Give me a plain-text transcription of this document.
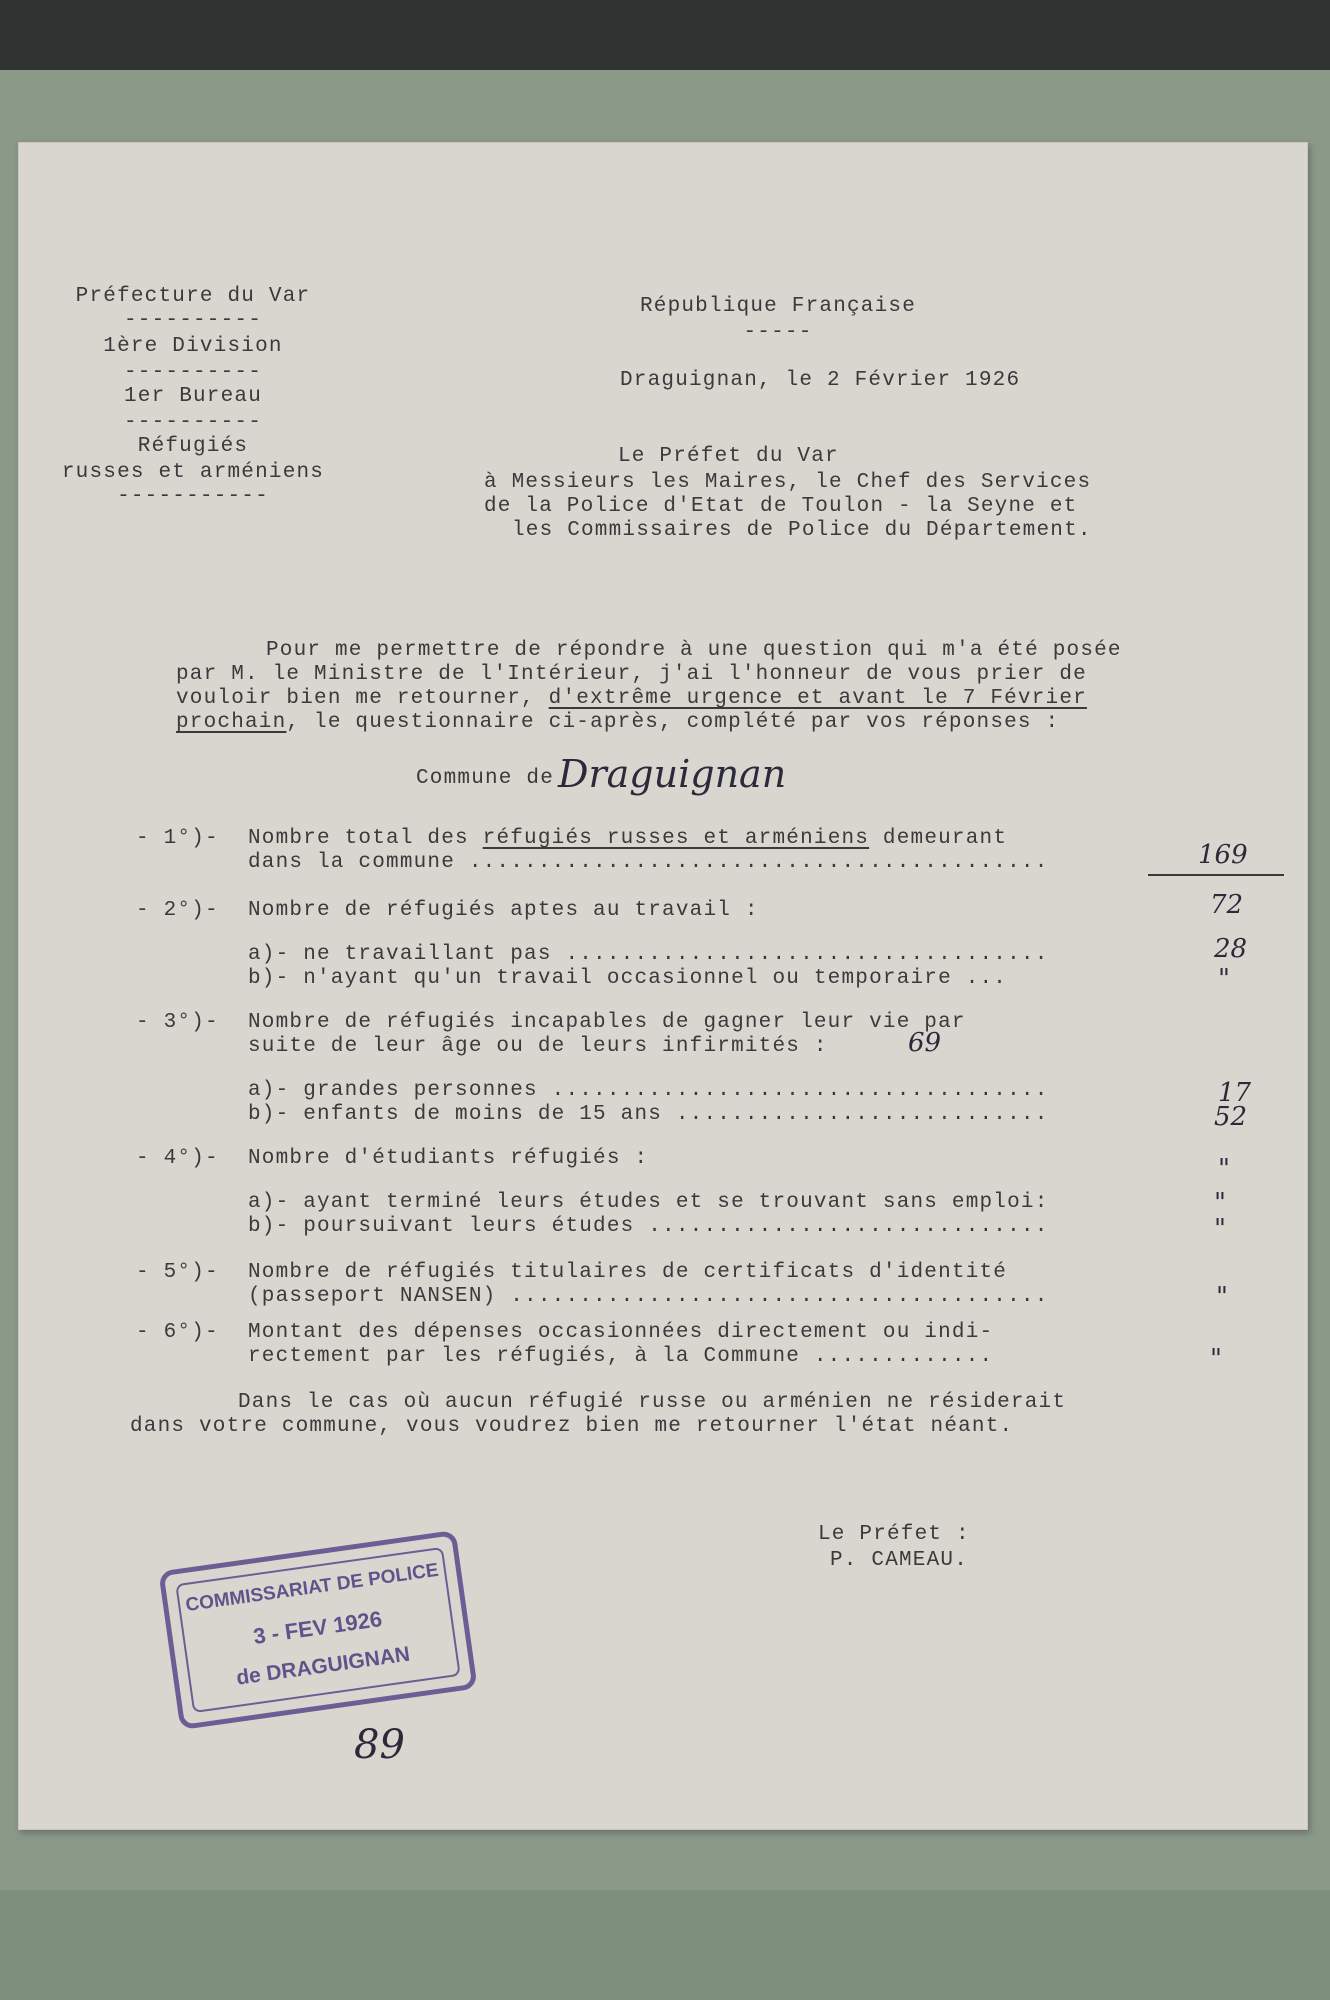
Préfecture du Var
----------
1ère Division
----------
1er Bureau
----------
Réfugiés
russes et arméniens
-----------
République Française
-----
Draguignan, le 2 Février 1926
Le Préfet du Var
à Messieurs les Maires, le Chef des Services
de la Police d'Etat de Toulon - la Seyne et
les Commissaires de Police du Département.
Pour me permettre de répondre à une question qui m'a été posée
par M. le Ministre de l'Intérieur, j'ai l'honneur de vous prier de
vouloir bien me retourner, d'extrême urgence et avant le 7 Février
prochain, le questionnaire ci-après, complété par vos réponses :
Commune de Draguignan
- 1°)- Nombre total des réfugiés russes et arméniens demeurant
dans la commune ..........................................	169
- 2°)- Nombre de réfugiés aptes au travail :	72
a)- ne travaillant pas ...................................	28
b)- n'ayant qu'un travail occasionnel ou temporaire ...	"
- 3°)- Nombre de réfugiés incapables de gagner leur vie par
suite de leur âge ou de leurs infirmités :	69
a)- grandes personnes ....................................	17
b)- enfants de moins de 15 ans ...........................	52
- 4°)- Nombre d'étudiants réfugiés :	"
a)- ayant terminé leurs études et se trouvant sans emploi:	"
b)- poursuivant leurs études .............................	"
- 5°)- Nombre de réfugiés titulaires de certificats d'identité
(passeport NANSEN) .......................................	"
- 6°)- Montant des dépenses occasionnées directement ou indi-
rectement par les réfugiés, à la Commune .............	"
Dans le cas où aucun réfugié russe ou arménien ne résiderait
dans votre commune, vous voudrez bien me retourner l'état néant.
Le Préfet :
P. CAMEAU.
89
COMMISSARIAT DE POLICE
3 - FEV 1926
de DRAGUIGNAN
